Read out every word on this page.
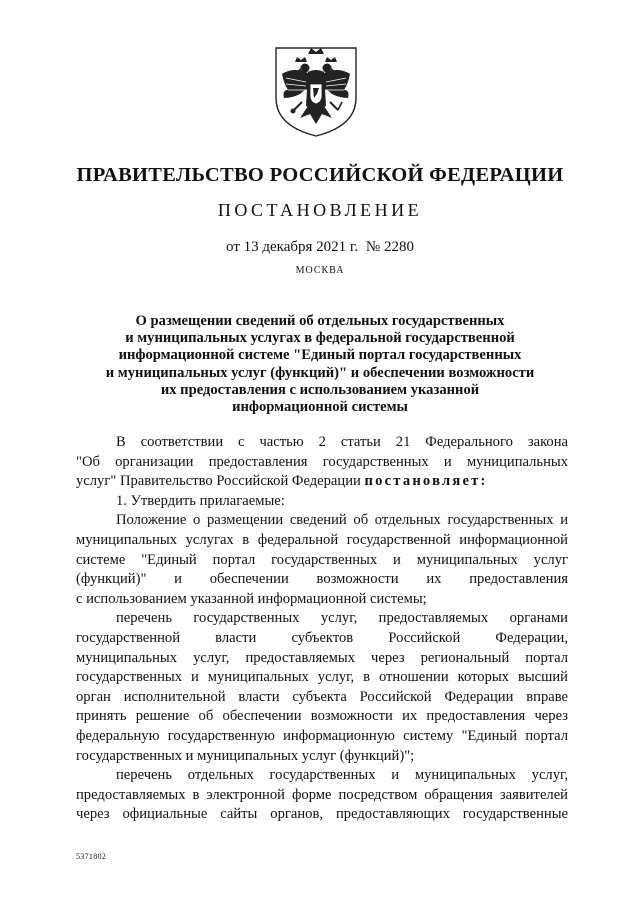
ПРАВИТЕЛЬСТВО РОССИЙСКОЙ ФЕДЕРАЦИИ
ПОСТАНОВЛЕНИЕ
от 13 декабря 2021 г. № 2280
МОСКВА
О размещении сведений об отдельных государственных
и муниципальных услугах в федеральной государственной
информационной системе "Единый портал государственных
и муниципальных услуг (функций)" и обеспечении возможности
их предоставления с использованием указанной
информационной системы
В соответствии с частью 2 статьи 21 Федерального закона
"Об организации предоставления государственных и муниципальных
услуг" Правительство Российской Федерации постановляет:
1. Утвердить прилагаемые:
Положение о размещении сведений об отдельных государственных и
муниципальных услугах в федеральной государственной информационной
системе "Единый портал государственных и муниципальных услуг
(функций)" и обеспечении возможности их предоставления
с использованием указанной информационной системы;
перечень государственных услуг, предоставляемых органами
государственной власти субъектов Российской Федерации,
муниципальных услуг, предоставляемых через региональный портал
государственных и муниципальных услуг, в отношении которых высший
орган исполнительной власти субъекта Российской Федерации вправе
принять решение об обеспечении возможности их предоставления через
федеральную государственную информационную систему "Единый портал
государственных и муниципальных услуг (функций)";
перечень отдельных государственных и муниципальных услуг,
предоставляемых в электронной форме посредством обращения заявителей
через официальные сайты органов, предоставляющих государственные
5371802
